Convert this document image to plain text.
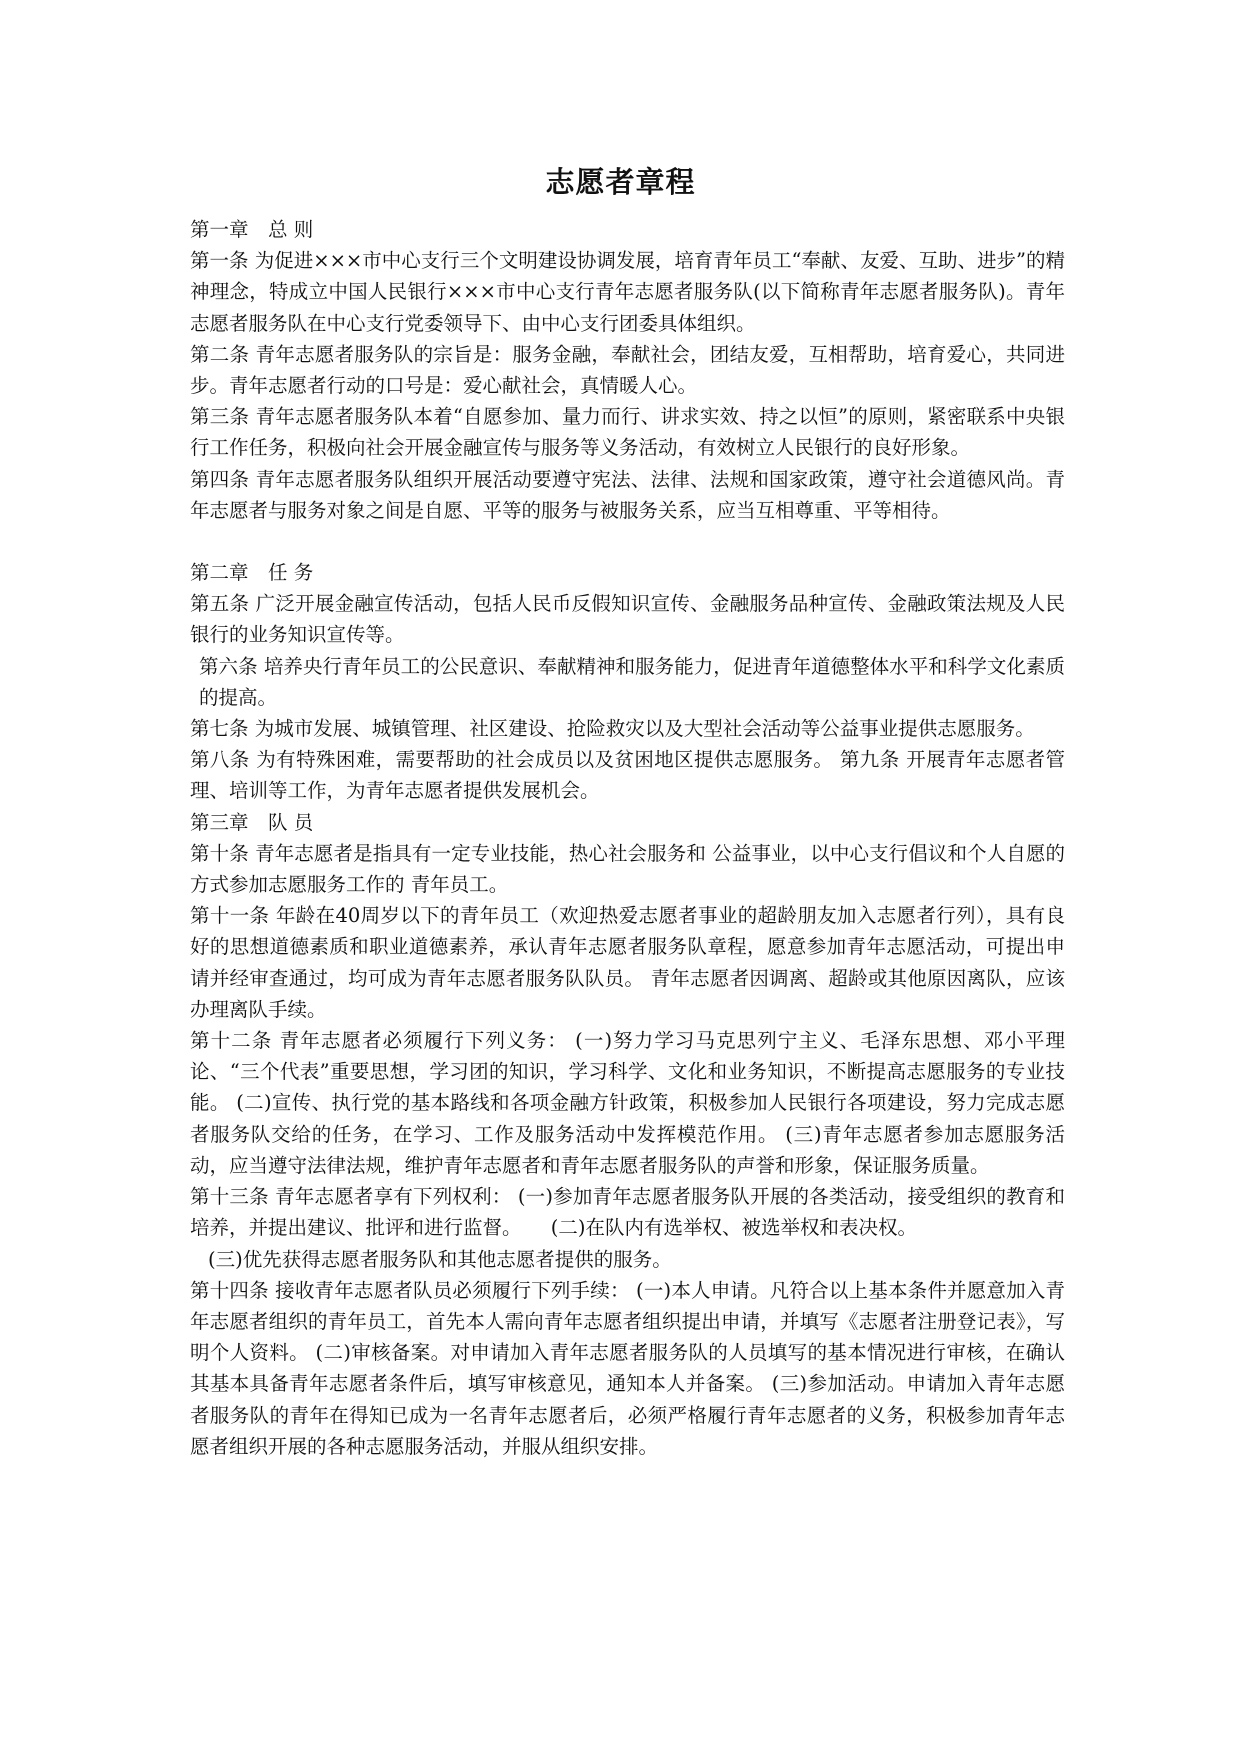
志愿者章程

第一章　总 则

第一条 为促进×××市中心支行三个文明建设协调发展，培育青年员工“奉献、友爱、互助、进步”的精神理念，特成立中国人民银行×××市中心支行青年志愿者服务队(以下简称青年志愿者服务队)。青年志愿者服务队在中心支行党委领导下、由中心支行团委具体组织。

第二条 青年志愿者服务队的宗旨是：服务金融，奉献社会，团结友爱，互相帮助，培育爱心，共同进步。青年志愿者行动的口号是：爱心献社会，真情暖人心。

第三条 青年志愿者服务队本着“自愿参加、量力而行、讲求实效、持之以恒”的原则，紧密联系中央银行工作任务，积极向社会开展金融宣传与服务等义务活动，有效树立人民银行的良好形象。

第四条 青年志愿者服务队组织开展活动要遵守宪法、法律、法规和国家政策，遵守社会道德风尚。青年志愿者与服务对象之间是自愿、平等的服务与被服务关系，应当互相尊重、平等相待。

第二章　任 务

第五条 广泛开展金融宣传活动，包括人民币反假知识宣传、金融服务品种宣传、金融政策法规及人民银行的业务知识宣传等。

第六条 培养央行青年员工的公民意识、奉献精神和服务能力，促进青年道德整体水平和科学文化素质的提高。

第七条 为城市发展、城镇管理、社区建设、抢险救灾以及大型社会活动等公益事业提供志愿服务。

第八条 为有特殊困难，需要帮助的社会成员以及贫困地区提供志愿服务。 第九条 开展青年志愿者管理、培训等工作，为青年志愿者提供发展机会。

第三章　队 员

第十条 青年志愿者是指具有一定专业技能，热心社会服务和 公益事业，以中心支行倡议和个人自愿的方式参加志愿服务工作的 青年员工。

第十一条 年龄在40周岁以下的青年员工（欢迎热爱志愿者事业的超龄朋友加入志愿者行列），具有良好的思想道德素质和职业道德素养，承认青年志愿者服务队章程，愿意参加青年志愿活动，可提出申请并经审查通过，均可成为青年志愿者服务队队员。 青年志愿者因调离、超龄或其他原因离队，应该办理离队手续。

第十二条 青年志愿者必须履行下列义务： (一)努力学习马克思列宁主义、毛泽东思想、邓小平理论、“三个代表”重要思想，学习团的知识，学习科学、文化和业务知识，不断提高志愿服务的专业技能。 (二)宣传、执行党的基本路线和各项金融方针政策，积极参加人民银行各项建设，努力完成志愿者服务队交给的任务，在学习、工作及服务活动中发挥模范作用。 (三)青年志愿者参加志愿服务活动，应当遵守法律法规，维护青年志愿者和青年志愿者服务队的声誉和形象，保证服务质量。

第十三条 青年志愿者享有下列权利： (一)参加青年志愿者服务队开展的各类活动，接受组织的教育和培养，并提出建议、批评和进行监督。　　(二)在队内有选举权、被选举权和表决权。

(三)优先获得志愿者服务队和其他志愿者提供的服务。

第十四条 接收青年志愿者队员必须履行下列手续： (一)本人申请。凡符合以上基本条件并愿意加入青年志愿者组织的青年员工，首先本人需向青年志愿者组织提出申请，并填写《志愿者注册登记表》，写明个人资料。 (二)审核备案。对申请加入青年志愿者服务队的人员填写的基本情况进行审核，在确认其基本具备青年志愿者条件后，填写审核意见，通知本人并备案。 (三)参加活动。申请加入青年志愿者服务队的青年在得知已成为一名青年志愿者后，必须严格履行青年志愿者的义务，积极参加青年志愿者组织开展的各种志愿服务活动，并服从组织安排。
